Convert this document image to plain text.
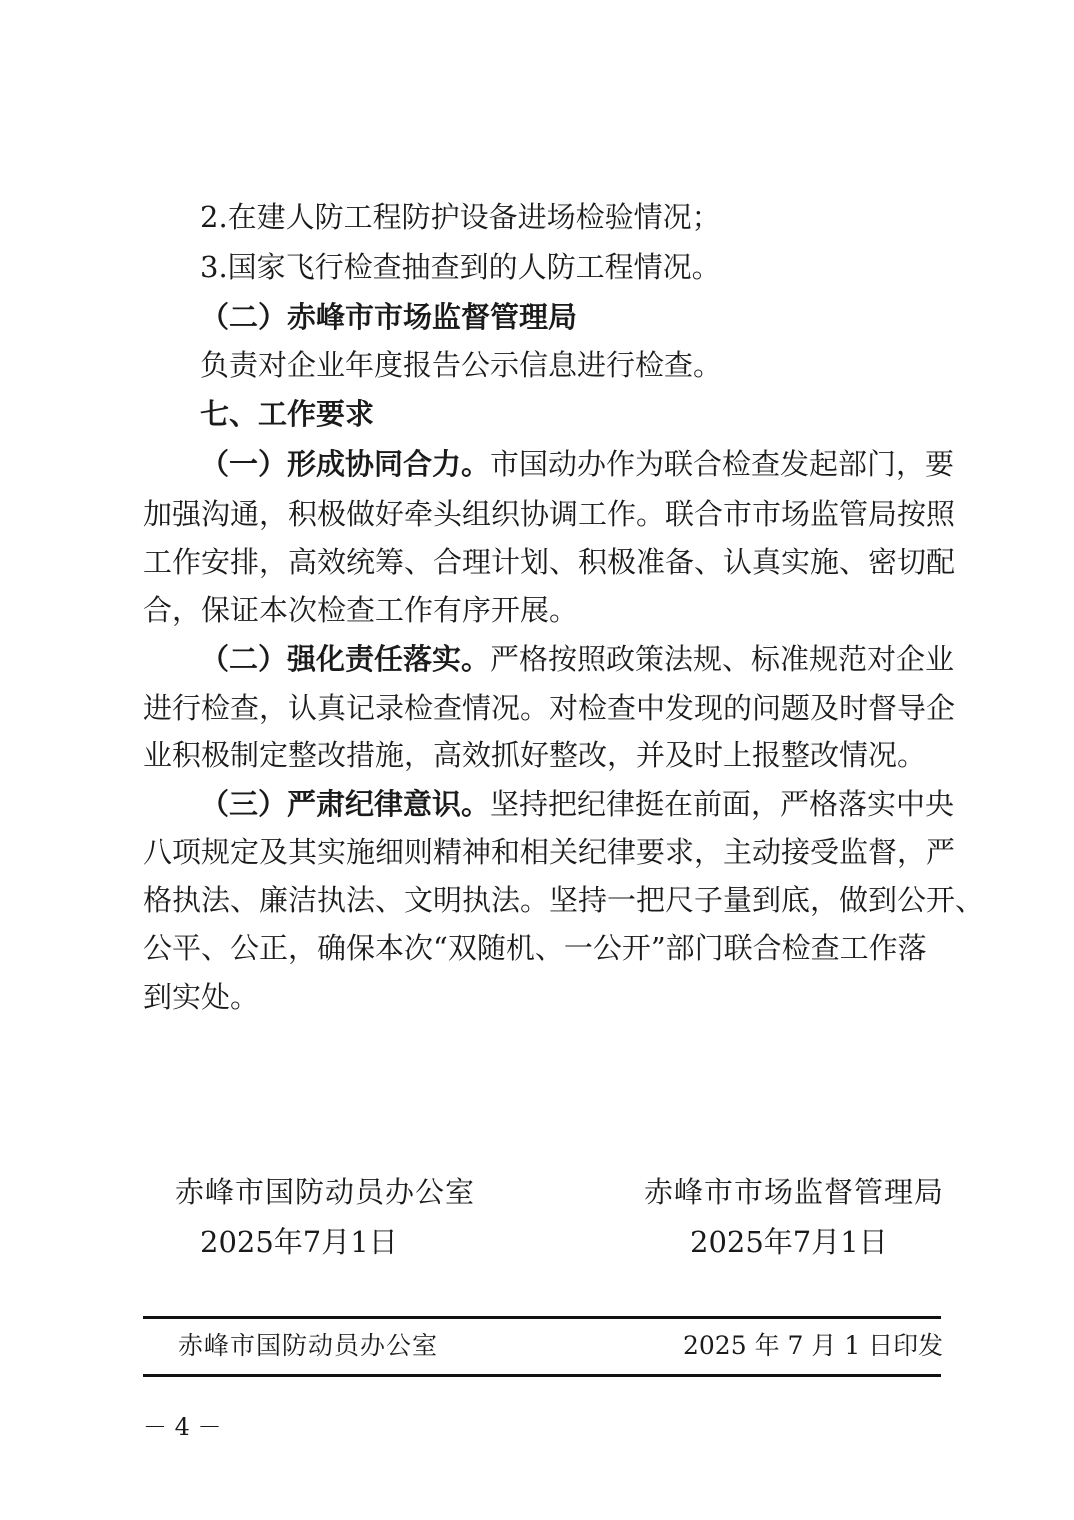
2.在建人防工程防护设备进场检验情况；
3.国家飞行检查抽查到的人防工程情况。
（二）赤峰市市场监督管理局
负责对企业年度报告公示信息进行检查。
七、工作要求
（一）形成协同合力。市国动办作为联合检查发起部门，要
加强沟通，积极做好牵头组织协调工作。联合市市场监管局按照
工作安排，高效统筹、合理计划、积极准备、认真实施、密切配
合，保证本次检查工作有序开展。
（二）强化责任落实。严格按照政策法规、标准规范对企业
进行检查，认真记录检查情况。对检查中发现的问题及时督导企
业积极制定整改措施，高效抓好整改，并及时上报整改情况。
（三）严肃纪律意识。坚持把纪律挺在前面，严格落实中央
八项规定及其实施细则精神和相关纪律要求，主动接受监督，严
格执法、廉洁执法、文明执法。坚持一把尺子量到底，做到公开、
公平、公正，确保本次“双随机、一公开”部门联合检查工作落
到实处。
赤峰市国防动员办公室
2025年7月1日
赤峰市市场监督管理局
2025年7月1日
赤峰市国防动员办公室	2025 年 7 月 1 日印发
－ 4 －
